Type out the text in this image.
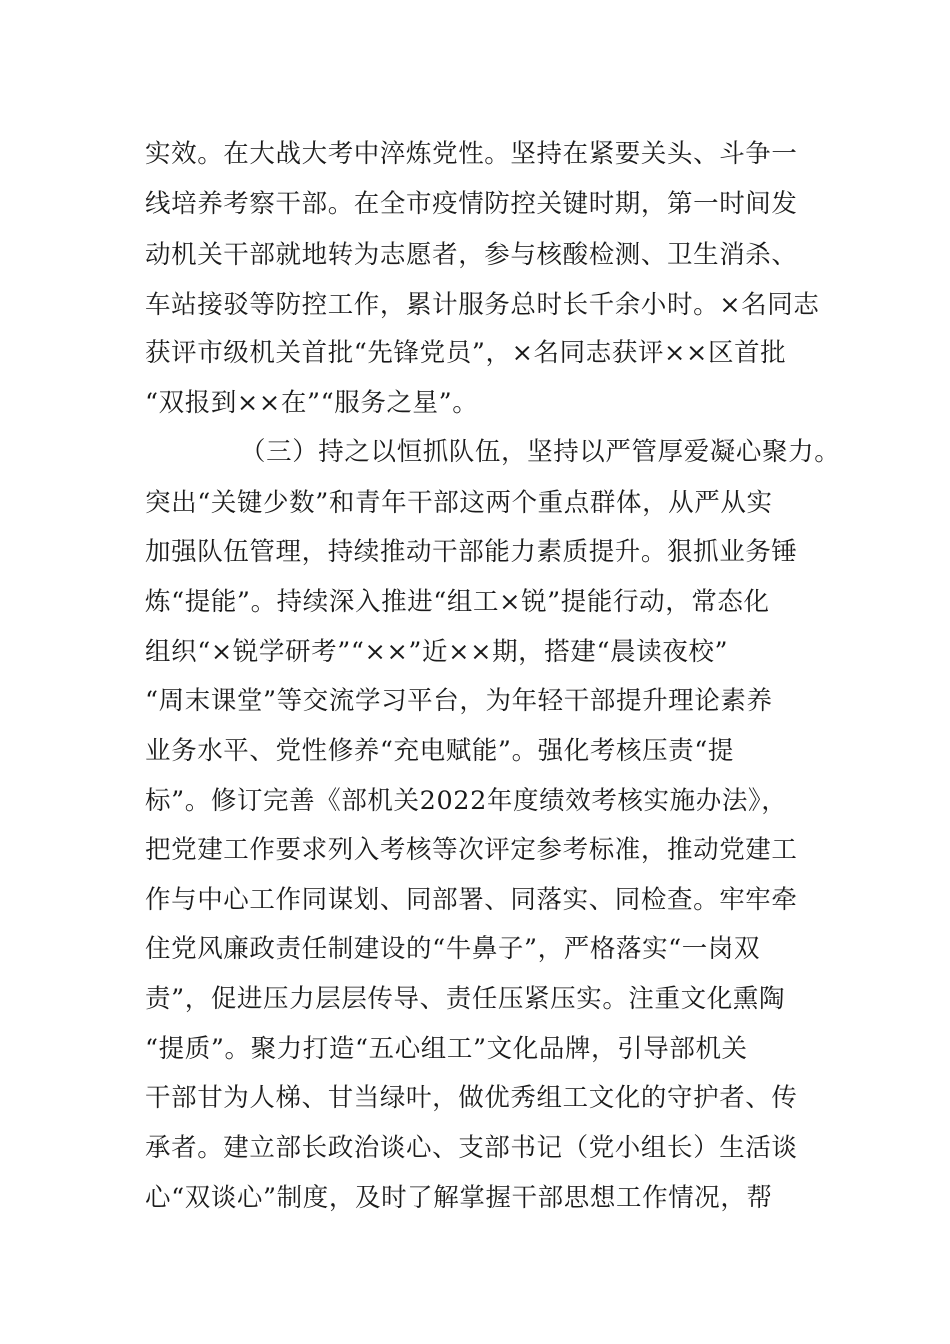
实效。在大战大考中淬炼党性。坚持在紧要关头、斗争一
线培养考察干部。在全市疫情防控关键时期，第一时间发
动机关干部就地转为志愿者，参与核酸检测、卫生消杀、
车站接驳等防控工作，累计服务总时长千余小时。×名同志
获评市级机关首批“先锋党员”，×名同志获评××区首批
“双报到××在”“服务之星”。
（三）持之以恒抓队伍，坚持以严管厚爱凝心聚力。
突出“关键少数”和青年干部这两个重点群体，从严从实
加强队伍管理，持续推动干部能力素质提升。狠抓业务锤
炼“提能”。持续深入推进“组工×锐”提能行动，常态化
组织“×锐学研考”“××”近××期，搭建“晨读夜校”
“周末课堂”等交流学习平台，为年轻干部提升理论素养
业务水平、党性修养“充电赋能”。强化考核压责“提
标”。修订完善《部机关2022年度绩效考核实施办法》，
把党建工作要求列入考核等次评定参考标准，推动党建工
作与中心工作同谋划、同部署、同落实、同检查。牢牢牵
住党风廉政责任制建设的“牛鼻子”，严格落实“一岗双
责”，促进压力层层传导、责任压紧压实。注重文化熏陶
“提质”。聚力打造“五心组工”文化品牌，引导部机关
干部甘为人梯、甘当绿叶，做优秀组工文化的守护者、传
承者。建立部长政治谈心、支部书记（党小组长）生活谈
心“双谈心”制度，及时了解掌握干部思想工作情况，帮
